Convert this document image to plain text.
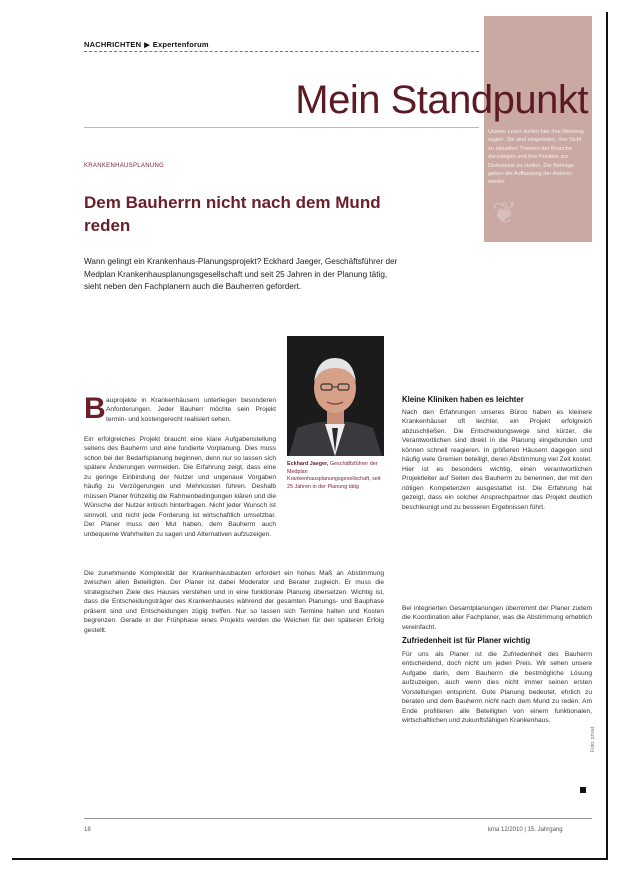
NACHRICHTEN ▶ Expertenforum
❦
Unsere Leser dürfen hier ihre Meinung sagen. Sie sind eingeladen, ihre Sicht zu aktuellen Themen der Branche darzulegen und ihre Position zur Diskussion zu stellen. Die Beiträge geben die Auffassung der Autoren wieder.
Mein Standpunkt
KRANKENHAUSPLANUNG
Dem Bauherrn nicht nach dem Mund reden
Wann gelingt ein Krankenhaus-Planungsprojekt? Eckhard Jaeger, Geschäftsführer der Medplan Krankenhausplanungsgesellschaft und seit 25 Jahren in der Planung tätig, sieht neben den Fachplanern auch die Bauherren gefordert.
Eckhard Jaeger, Geschäftsführer der Medplan Krankenhausplanungsgesellschaft, seit 25 Jahren in der Planung tätig
B auprojekte in Krankenhäusern unterliegen besonderen Anforderungen. Jeder Bauherr möchte sein Projekt termin- und kostengerecht realisiert sehen.
Ein erfolgreiches Projekt braucht eine klare Aufgabenstellung seitens des Bauherrn und eine fundierte Vorplanung. Dies muss schon bei der Bedarfsplanung beginnen, denn nur so lassen sich spätere Änderungen vermeiden. Die Erfahrung zeigt, dass eine zu geringe Einbindung der Nutzer und ungenaue Vorgaben häufig zu Verzögerungen und Mehrkosten führen. Deshalb müssen Planer frühzeitig die Rahmenbedingungen klären und die Wünsche der Nutzer kritisch hinterfragen. Nicht jeder Wunsch ist sinnvoll, und nicht jede Forderung ist wirtschaftlich umsetzbar. Der Planer muss den Mut haben, dem Bauherrn auch unbequeme Wahrheiten zu sagen und Alternativen aufzuzeigen.
Die zunehmende Komplexität der Krankenhausbauten erfordert ein hohes Maß an Abstimmung zwischen allen Beteiligten. Der Planer ist dabei Moderator und Berater zugleich. Er muss die strategischen Ziele des Hauses verstehen und in eine funktionale Planung übersetzen. Wichtig ist, dass die Entscheidungsträger des Krankenhauses während der gesamten Planungs- und Bauphase präsent sind und Entscheidungen zügig treffen. Nur so lassen sich Termine halten und Kosten begrenzen. Gerade in der Frühphase eines Projekts werden die Weichen für den späteren Erfolg gestellt.
Kleine Kliniken haben es leichter
Nach den Erfahrungen unseres Büros haben es kleinere Krankenhäuser oft leichter, ein Projekt erfolgreich abzuschließen. Die Entscheidungswege sind kürzer, die Verantwortlichen sind direkt in die Planung eingebunden und können schnell reagieren. In größeren Häusern dagegen sind häufig viele Gremien beteiligt, deren Abstimmung viel Zeit kostet. Hier ist es besonders wichtig, einen verantwortlichen Projektleiter auf Seiten des Bauherrn zu benennen, der mit den nötigen Kompetenzen ausgestattet ist. Die Erfahrung hat gezeigt, dass ein solcher Ansprechpartner das Projekt deutlich beschleunigt und zu besseren Ergebnissen führt.
Bei integrierten Gesamtplanungen übernimmt der Planer zudem die Koordination aller Fachplaner, was die Abstimmung erheblich vereinfacht.
Zufriedenheit ist für Planer wichtig
Für uns als Planer ist die Zufriedenheit des Bauherrn entscheidend, doch nicht um jeden Preis. Wir sehen unsere Aufgabe darin, dem Bauherrn die bestmögliche Lösung aufzuzeigen, auch wenn dies nicht immer seinen ersten Vorstellungen entspricht. Gute Planung bedeutet, ehrlich zu beraten und dem Bauherrn nicht nach dem Mund zu reden. Am Ende profitieren alle Beteiligten von einem funktionalen, wirtschaftlichen und zukunftsfähigen Krankenhaus.
Foto: privat
18	kma 12/2010 | 15. Jahrgang
